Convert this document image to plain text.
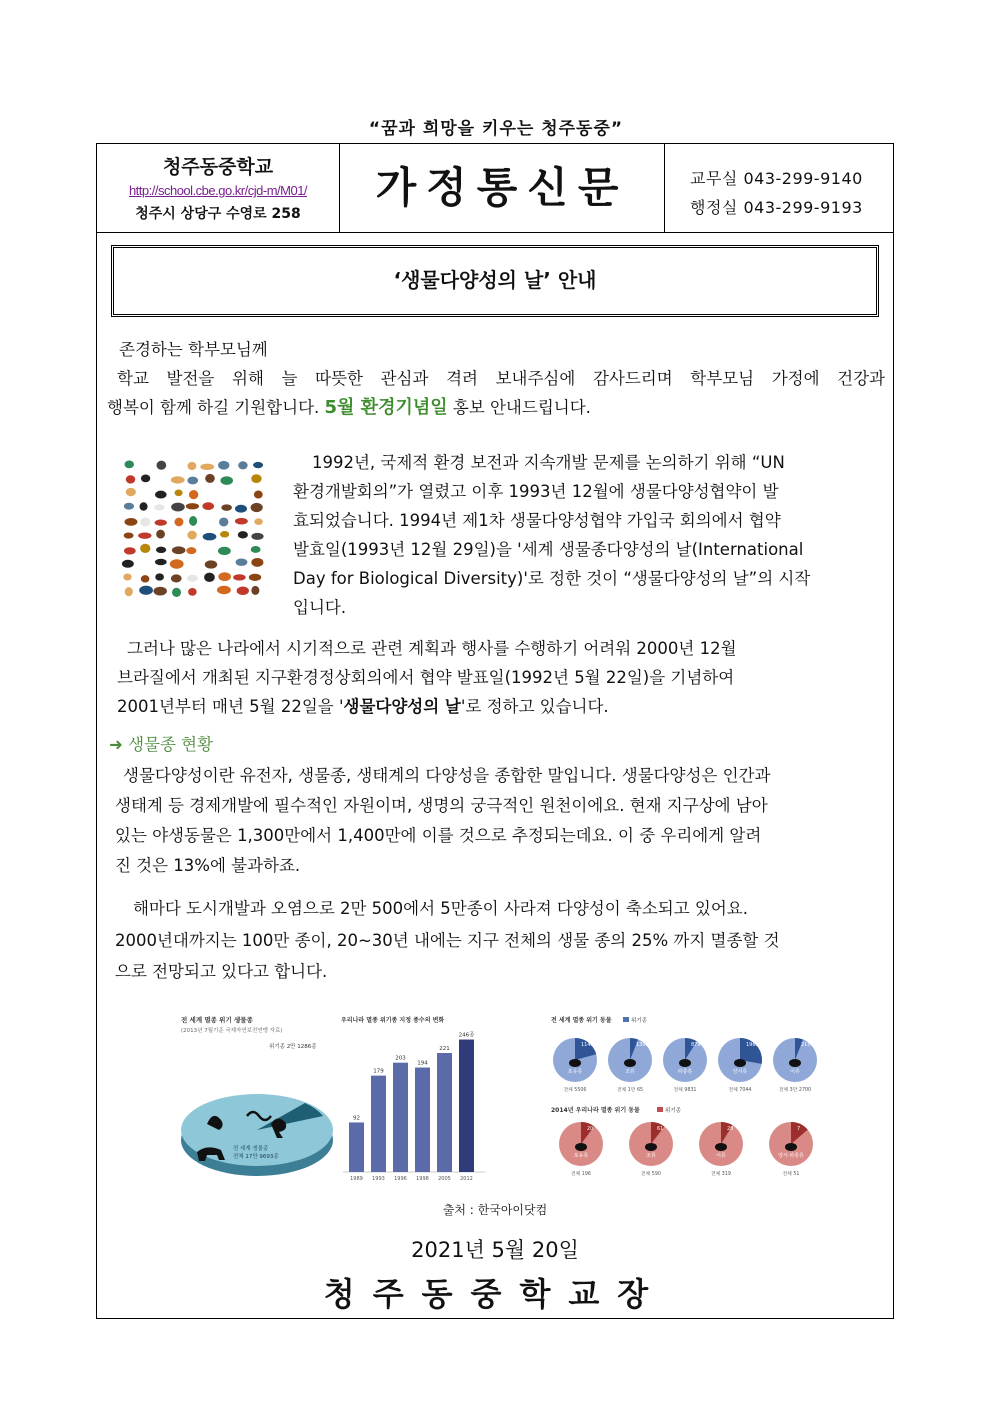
“꿈과 희망을 키우는 청주동중”
청주동중학교
http://school.cbe.go.kr/cjd-m/M01/
청주시 상당구 수영로 258
가정통신문	교무실 043-299-9140
행정실 043-299-9193
‘생물다양성의 날’ 안내
존경하는 학부모님께
학교 발전을 위해 늘 따뜻한 관심과 격려 보내주심에 감사드리며 학부모님 가정에 건강과
행복이 함께 하길 기원합니다. 5월 환경기념일 홍보 안내드립니다.
1992년, 국제적 환경 보전과 지속개발 문제를 논의하기 위해 “UN
환경개발회의”가 열렸고 이후 1993년 12월에 생물다양성협약이 발
효되었습니다. 1994년 제1차 생물다양성협약 가입국 회의에서 협약
발효일(1993년 12월 29일)을 '세계 생물종다양성의 날(International
Day for Biological Diversity)'로 정한 것이 “생물다양성의 날”의 시작
입니다.
그러나 많은 나라에서 시기적으로 관련 계획과 행사를 수행하기 어려워 2000년 12월
브라질에서 개최된 지구환경정상회의에서 협약 발표일(1992년 5월 22일)을 기념하여
2001년부터 매년 5월 22일을 '생물다양성의 날'로 정하고 있습니다.
➜ 생물종 현황
생물다양성이란 유전자, 생물종, 생태계의 다양성을 종합한 말입니다. 생물다양성은 인간과
생태계 등 경제개발에 필수적인 자원이며, 생명의 궁극적인 원천이에요. 현재 지구상에 남아
있는 야생동물은 1,300만에서 1,400만에 이를 것으로 추정되는데요. 이 중 우리에게 알려
진 것은 13%에 불과하죠.
해마다 도시개발과 오염으로 2만 500에서 5만종이 사라져 다양성이 축소되고 있어요.
2000년대까지는 100만 종이, 20~30년 내에는 지구 전체의 생물 종의 25% 까지 멸종할 것
으로 전망되고 있다고 합니다.
전 세계 멸종 위기 생물종
(2013년 7월기준 국제자연보전연맹 자료)
위기종 2만 1286종
전 세계 생물종
전체 17만 9693종
우리나라 멸종 위기종 지정 종수의 변화
92
1989
179
1993
203
1996
194
1998
221
2005
246종
2012
전 세계 멸종 위기 동물	위기종
1143
포유류
전체 5506
1308
조류
전체 1만 65
879
파충류
전체 9831
1960
양서류
전체 7044
2151
어류
전체 3만 2700
2014년 우리나라 멸종 위기 동물	위기종
20
포유류
전체 196
61
조류
전체 590
28
어류
전체 319
7
양서·파충류
전체 51
출처 : 한국아이닷컴
2021년 5월 20일
청주동중학교장
